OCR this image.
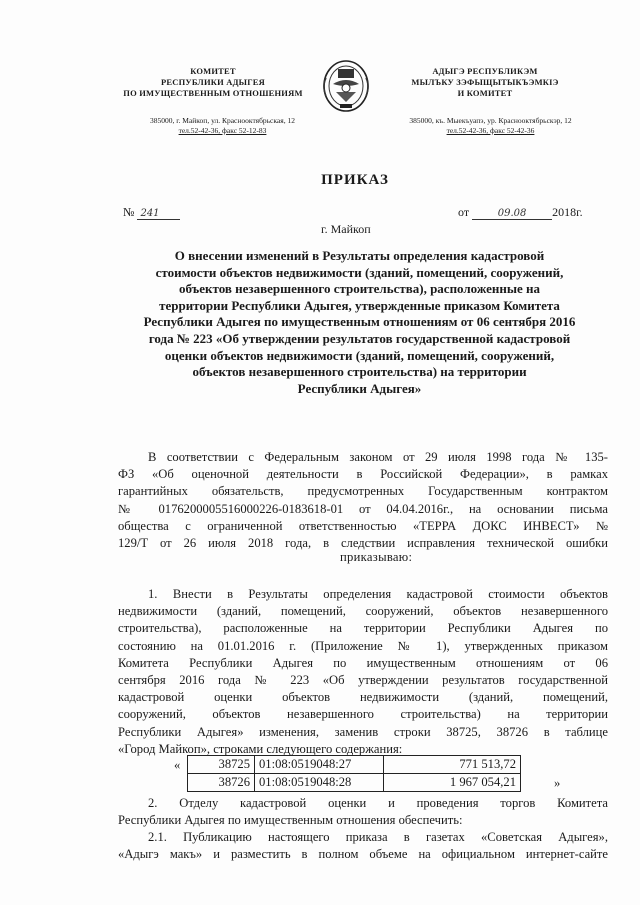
КОМИТЕТ
РЕСПУБЛИКИ АДЫГЕЯ
ПО ИМУЩЕСТВЕННЫМ ОТНОШЕНИЯМ
АДЫГЭ РЕСПУБЛИКЭМ
МЫЛЪКУ ЗЭФЫЩЫТЫКЪЭМКIЭ
И КОМИТЕТ
385000, г. Майкоп, ул. Краснооктябрьская, 12
тел.52-42-36, факс 52-12-83
385000, къ. Мыекъуапэ, ур. Краснооктябрьскэр, 12
тел.52-42-36, факс 52-42-36
ПРИКАЗ
№ 241	от	09.08 2018г.
г. Майкоп
О внесении изменений в Результаты определения кадастровой
стоимости объектов недвижимости (зданий, помещений, сооружений,
объектов незавершенного строительства), расположенные на
территории Республики Адыгея, утвержденные приказом Комитета
Республики Адыгея по имущественным отношениям от 06 сентября 2016
года № 223 «Об утверждении результатов государственной кадастровой
оценки объектов недвижимости (зданий, помещений, сооружений,
объектов незавершенного строительства) на территории
Республики Адыгея»
В соответствии с Федеральным законом от 29 июля 1998 года № 135-
ФЗ «Об оценочной деятельности в Российской Федерации», в рамках
гарантийных обязательств, предусмотренных Государственным контрактом
№ 0176200005516000226-0183618-01 от 04.04.2016г., на основании письма
общества с ограниченной ответственностью «ТЕРРА ДОКС ИНВЕСТ» №
129/Т от 26 июля 2018 года, в следствии исправления технической ошибки
приказываю:
1. Внести в Результаты определения кадастровой стоимости объектов
недвижимости (зданий, помещений, сооружений, объектов незавершенного
строительства), расположенные на территории Республики Адыгея по
состоянию на 01.01.2016 г. (Приложение № 1), утвержденных приказом
Комитета Республики Адыгея по имущественным отношениям от 06
сентября 2016 года № 223 «Об утверждении результатов государственной
кадастровой оценки объектов недвижимости (зданий, помещений,
сооружений, объектов незавершенного строительства) на территории
Республики Адыгея» изменения, заменив строки 38725, 38726 в таблице
«Город Майкоп», строками следующего содержания:
«	38725	01:08:0519048:27	771 513,72
38726	01:08:0519048:28	1 967 054,21	»
2. Отделу кадастровой оценки и проведения торгов Комитета
Республики Адыгея по имущественным отношения обеспечить:
2.1. Публикацию настоящего приказа в газетах «Советская Адыгея»,
«Адыгэ макъ» и разместить в полном объеме на официальном интернет-сайте
